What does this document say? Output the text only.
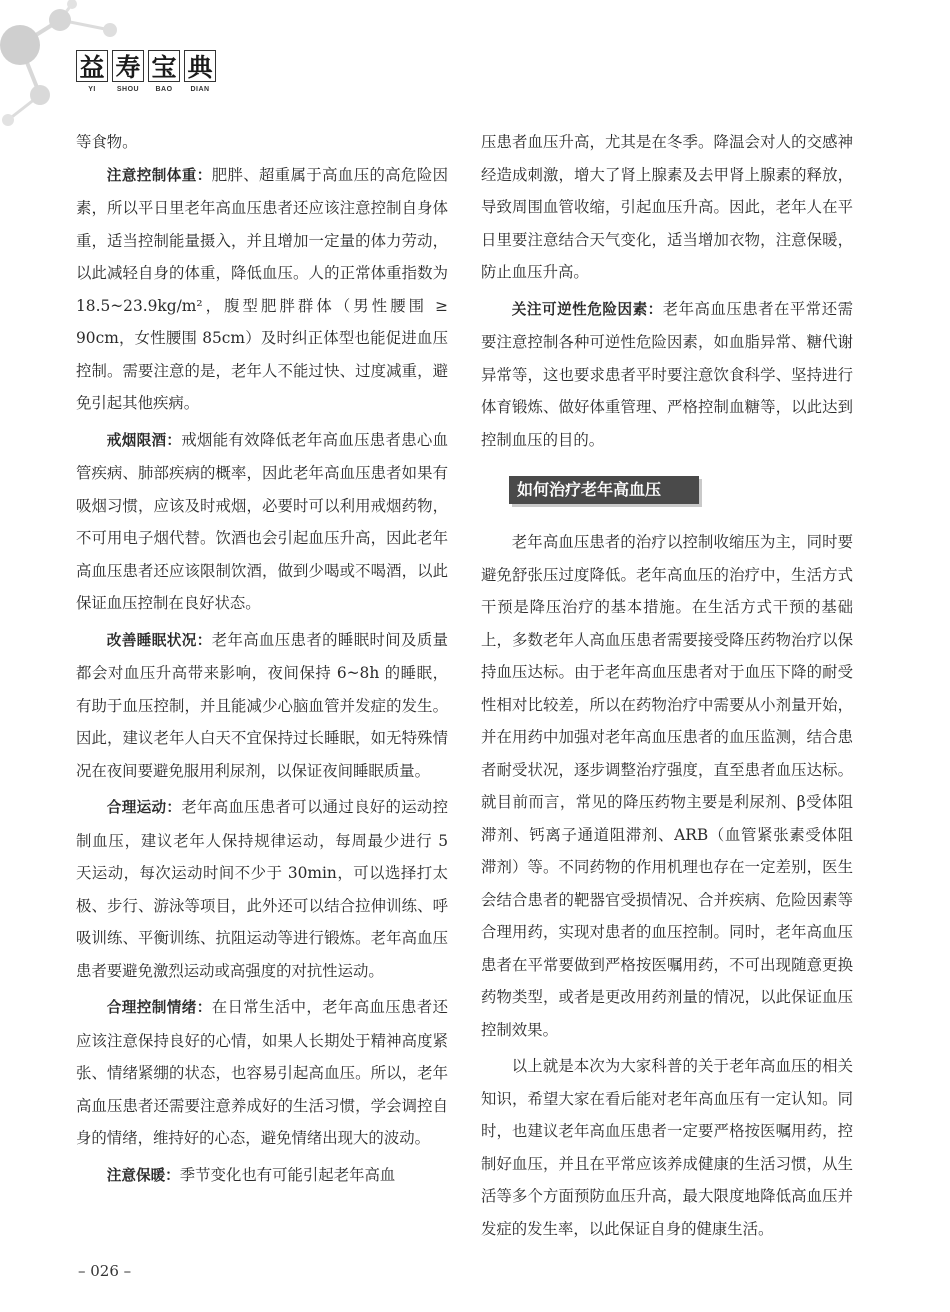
益 寿 宝 典
YI	SHOU	BAO	DIAN

等食物。

注意控制体重：肥胖、超重属于高血压的高危险因素，所以平日里老年高血压患者还应该注意控制自身体重，适当控制能量摄入，并且增加一定量的体力劳动，以此减轻自身的体重，降低血压。人的正常体重指数为 18.5~23.9kg/m²，腹型肥胖群体（男性腰围 ≥ 90cm，女性腰围 85cm）及时纠正体型也能促进血压控制。需要注意的是，老年人不能过快、过度减重，避免引起其他疾病。

戒烟限酒：戒烟能有效降低老年高血压患者患心血管疾病、肺部疾病的概率，因此老年高血压患者如果有吸烟习惯，应该及时戒烟，必要时可以利用戒烟药物，不可用电子烟代替。饮酒也会引起血压升高，因此老年高血压患者还应该限制饮酒，做到少喝或不喝酒，以此保证血压控制在良好状态。

改善睡眠状况：老年高血压患者的睡眠时间及质量都会对血压升高带来影响，夜间保持 6~8h 的睡眠，有助于血压控制，并且能减少心脑血管并发症的发生。因此，建议老年人白天不宜保持过长睡眠，如无特殊情况在夜间要避免服用利尿剂，以保证夜间睡眠质量。

合理运动：老年高血压患者可以通过良好的运动控制血压，建议老年人保持规律运动，每周最少进行 5 天运动，每次运动时间不少于 30min，可以选择打太极、步行、游泳等项目，此外还可以结合拉伸训练、呼吸训练、平衡训练、抗阻运动等进行锻炼。老年高血压患者要避免激烈运动或高强度的对抗性运动。

合理控制情绪：在日常生活中，老年高血压患者还应该注意保持良好的心情，如果人长期处于精神高度紧张、情绪紧绷的状态，也容易引起高血压。所以，老年高血压患者还需要注意养成好的生活习惯，学会调控自身的情绪，维持好的心态，避免情绪出现大的波动。

注意保暖：季节变化也有可能引起老年高血

压患者血压升高，尤其是在冬季。降温会对人的交感神经造成刺激，增大了肾上腺素及去甲肾上腺素的释放，导致周围血管收缩，引起血压升高。因此，老年人在平日里要注意结合天气变化，适当增加衣物，注意保暖，防止血压升高。

关注可逆性危险因素：老年高血压患者在平常还需要注意控制各种可逆性危险因素，如血脂异常、糖代谢异常等，这也要求患者平时要注意饮食科学、坚持进行体育锻炼、做好体重管理、严格控制血糖等，以此达到控制血压的目的。

如何治疗老年高血压

老年高血压患者的治疗以控制收缩压为主，同时要避免舒张压过度降低。老年高血压的治疗中，生活方式干预是降压治疗的基本措施。在生活方式干预的基础上，多数老年人高血压患者需要接受降压药物治疗以保持血压达标。由于老年高血压患者对于血压下降的耐受性相对比较差，所以在药物治疗中需要从小剂量开始，并在用药中加强对老年高血压患者的血压监测，结合患者耐受状况，逐步调整治疗强度，直至患者血压达标。就目前而言，常见的降压药物主要是利尿剂、β受体阻滞剂、钙离子通道阻滞剂、ARB（血管紧张素受体阻滞剂）等。不同药物的作用机理也存在一定差别，医生会结合患者的靶器官受损情况、合并疾病、危险因素等合理用药，实现对患者的血压控制。同时，老年高血压患者在平常要做到严格按医嘱用药，不可出现随意更换药物类型，或者是更改用药剂量的情况，以此保证血压控制效果。

以上就是本次为大家科普的关于老年高血压的相关知识，希望大家在看后能对老年高血压有一定认知。同时，也建议老年高血压患者一定要严格按医嘱用药，控制好血压，并且在平常应该养成健康的生活习惯，从生活等多个方面预防血压升高，最大限度地降低高血压并发症的发生率，以此保证自身的健康生活。

– 026 –
